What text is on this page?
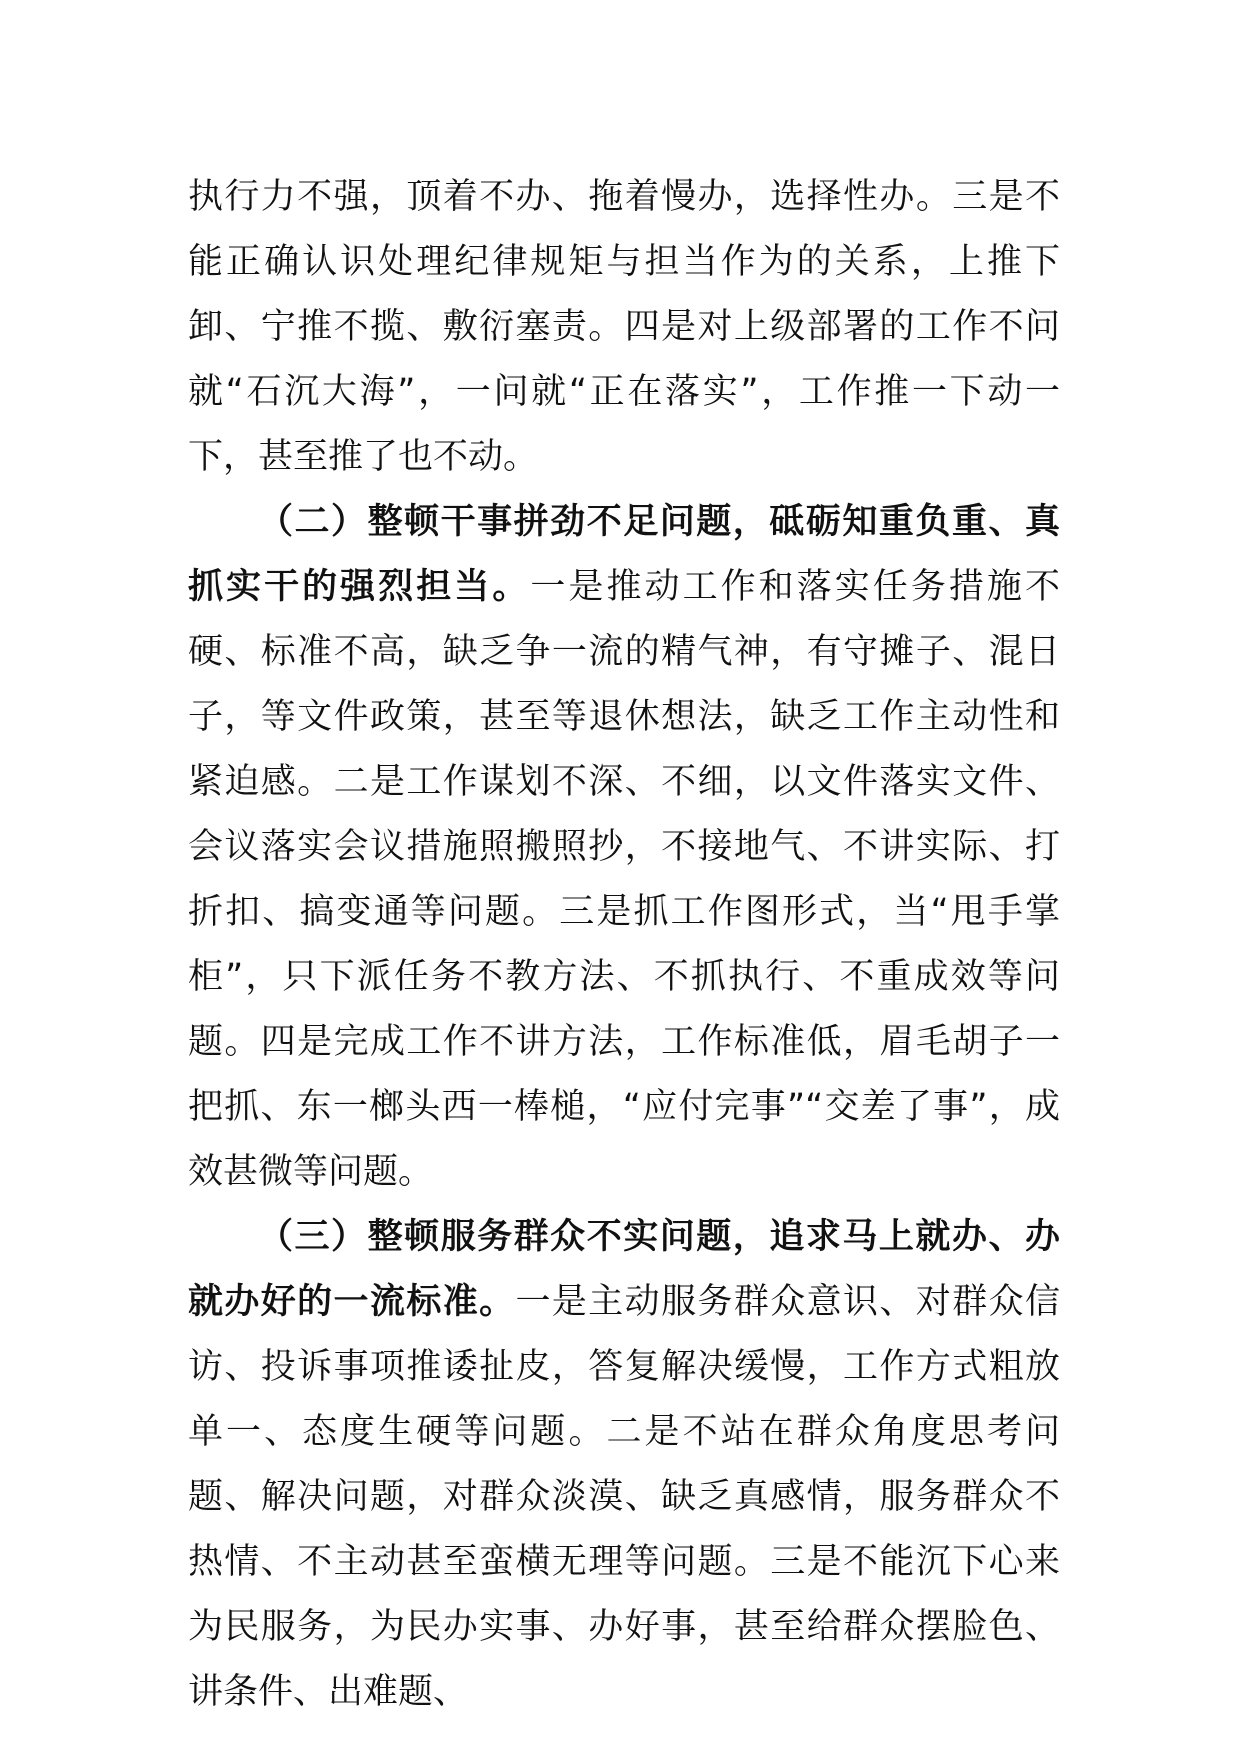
执行力不强，顶着不办、拖着慢办，选择性办。三是不能正确认识处理纪律规矩与担当作为的关系，上推下卸、宁推不揽、敷衍塞责。四是对上级部署的工作不问就“石沉大海”，一问就“正在落实”，工作推一下动一下，甚至推了也不动。

（二）整顿干事拼劲不足问题，砥砺知重负重、真抓实干的强烈担当。一是推动工作和落实任务措施不硬、标准不高，缺乏争一流的精气神，有守摊子、混日子，等文件政策，甚至等退休想法，缺乏工作主动性和紧迫感。二是工作谋划不深、不细，以文件落实文件、会议落实会议措施照搬照抄，不接地气、不讲实际、打折扣、搞变通等问题。三是抓工作图形式，当“甩手掌柜”，只下派任务不教方法、不抓执行、不重成效等问题。四是完成工作不讲方法，工作标准低，眉毛胡子一把抓、东一榔头西一棒槌，“应付完事”“交差了事”，成效甚微等问题。

（三）整顿服务群众不实问题，追求马上就办、办就办好的一流标准。一是主动服务群众意识、对群众信访、投诉事项推诿扯皮，答复解决缓慢，工作方式粗放单一、态度生硬等问题。二是不站在群众角度思考问题、解决问题，对群众淡漠、缺乏真感情，服务群众不热情、不主动甚至蛮横无理等问题。三是不能沉下心来为民服务，为民办实事、办好事，甚至给群众摆脸色、讲条件、出难题、
